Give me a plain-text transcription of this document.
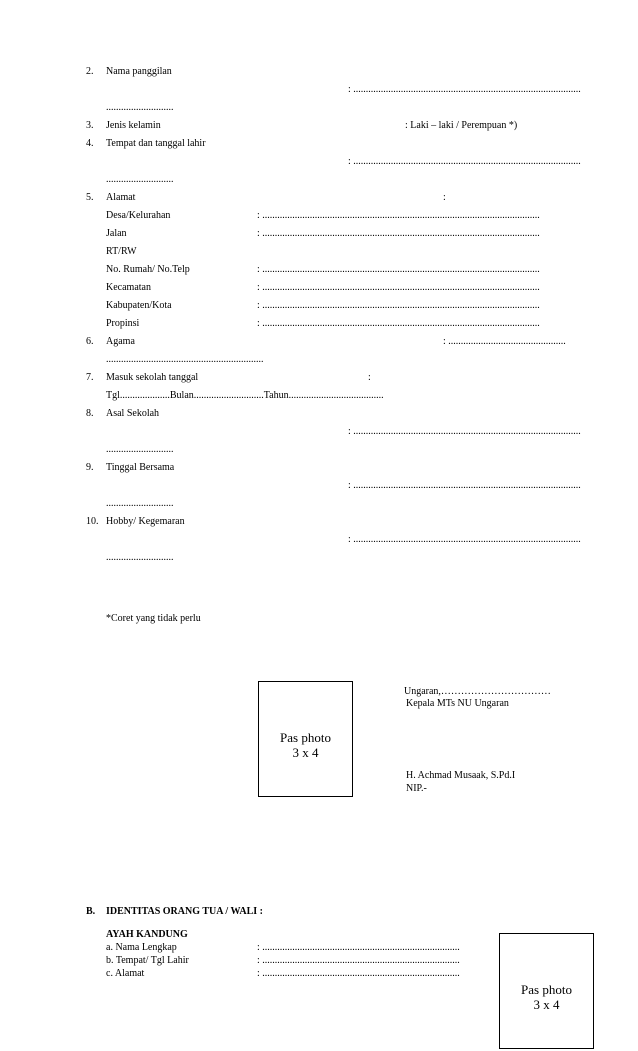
2. Nama panggilan
: ...........................................................................................
...........................
3. Jenis kelamin	: Laki – laki / Perempuan *)
4. Tempat dan tanggal lahir
: ...........................................................................................
...........................
5. Alamat	:
Desa/Kelurahan	: ...............................................................................................................
Jalan	: ...............................................................................................................
RT/RW
No. Rumah/ No.Telp	: ...............................................................................................................
Kecamatan	: ...............................................................................................................
Kabupaten/Kota	: ...............................................................................................................
Propinsi	: ...............................................................................................................
6. Agama	: ...............................................
...............................................................
7. Masuk sekolah tanggal	:
Tgl....................Bulan............................Tahun......................................
8. Asal Sekolah
: ...........................................................................................
...........................
9. Tinggal Bersama
: ...........................................................................................
...........................
10. Hobby/ Kegemaran
: ...........................................................................................
...........................
*Coret yang tidak perlu
Pas photo
3 x 4
Ungaran,……………………………
Kepala MTs NU Ungaran
H. Achmad Musaak, S.Pd.I
NIP.-
B. IDENTITAS ORANG TUA / WALI :
AYAH KANDUNG
a. Nama Lengkap	: ...............................................................................
b. Tempat/ Tgl Lahir	: ...............................................................................
c. Alamat	: ...............................................................................
Pas photo
3 x 4
